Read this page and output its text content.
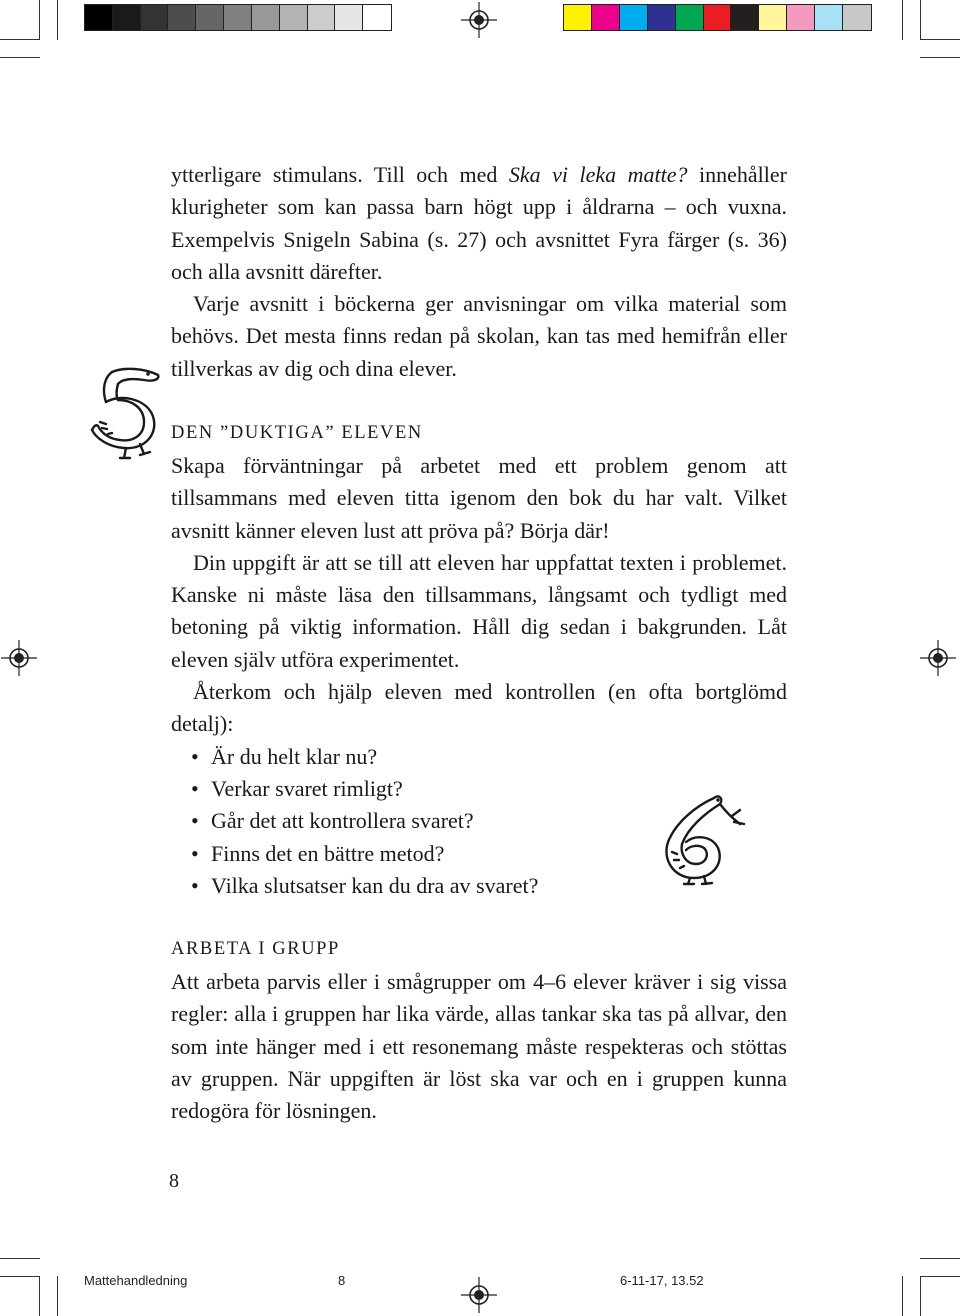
ytterligare stimulans. Till och med Ska vi leka matte? innehåller klurigheter som kan passa barn högt upp i åldrarna – och vuxna. Exempelvis Snigeln Sabina (s. 27) och avsnittet Fyra färger (s. 36) och alla avsnitt därefter.

Varje avsnitt i böckerna ger anvisningar om vilka material som behövs. Det mesta finns redan på skolan, kan tas med hemifrån eller tillverkas av dig och dina elever.

DEN ”DUKTIGA” ELEVEN

Skapa förväntningar på arbetet med ett problem genom att tillsammans med eleven titta igenom den bok du har valt. Vilket avsnitt känner eleven lust att pröva på? Börja där!

Din uppgift är att se till att eleven har uppfattat texten i problemet. Kanske ni måste läsa den tillsammans, långsamt och tydligt med betoning på viktig information. Håll dig sedan i bakgrunden. Låt eleven själv utföra experimentet.

Återkom och hjälp eleven med kontrollen (en ofta bortglömd detalj):

• Är du helt klar nu?
• Verkar svaret rimligt?
• Går det att kontrollera svaret?
• Finns det en bättre metod?
• Vilka slutsatser kan du dra av svaret?
ARBETA I GRUPP

Att arbeta parvis eller i smågrupper om 4–6 elever kräver i sig vissa regler: alla i gruppen har lika värde, allas tankar ska tas på allvar, den som inte hänger med i ett resonemang måste respekteras och stöttas av gruppen. När uppgiften är löst ska var och en i gruppen kunna redogöra för lösningen.

8
Mattehandledning	8	6-11-17, 13.52
